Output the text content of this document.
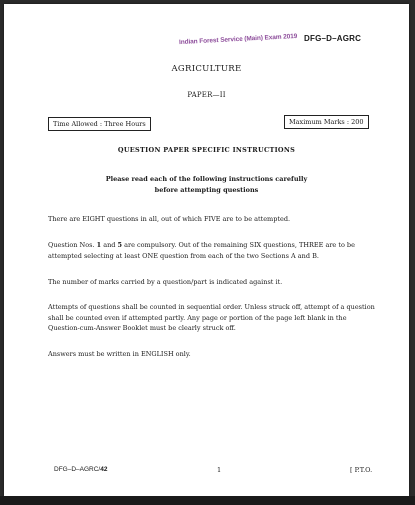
Indian Forest Service (Main) Exam 2019 DFG–D–AGRC
AGRICULTURE
PAPER—II
Time Allowed : Three Hours	Maximum Marks : 200
QUESTION PAPER SPECIFIC INSTRUCTIONS
Please read each of the following instructions carefully
before attempting questions
There are EIGHT questions in all, out of which FIVE are to be attempted.
Question Nos. 1 and 5 are compulsory. Out of the remaining SIX questions, THREE are to be attempted selecting at least ONE question from each of the two Sections A and B.
The number of marks carried by a question/part is indicated against it.
Attempts of questions shall be counted in sequential order. Unless struck off, attempt of a question shall be counted even if attempted partly. Any page or portion of the page left blank in the Question-cum-Answer Booklet must be clearly struck off.
Answers must be written in ENGLISH only.
DFG–D–AGRC/42	1	[ P.T.O.
